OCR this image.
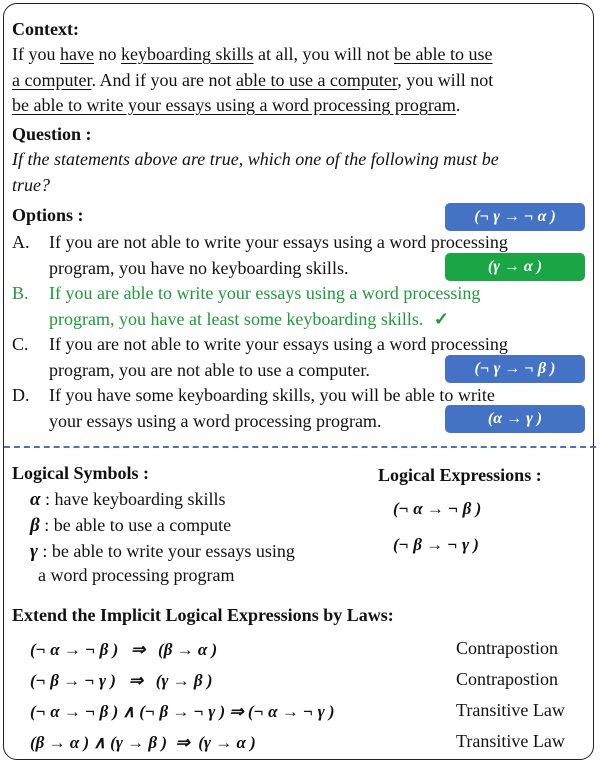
Context:
If you have no keyboarding skills at all, you will not be able to use
a computer. And if you are not able to use a computer, you will not
be able to write your essays using a word processing program.
Question :
If the statements above are true, which one of the following must be
true?
Options :
A. If you are not able to write your essays using a word processing
program, you have no keyboarding skills.
(¬ γ → ¬ α )
B. If you are able to write your essays using a word processing
program, you have at least some keyboarding skills. ✓
(γ → α )
C. If you are not able to write your essays using a word processing
program, you are not able to use a computer.	(¬ γ → ¬ β )
D. If you have some keyboarding skills, you will be able to write
your essays using a word processing program.	(α → γ )
Logical Symbols :
α : have keyboarding skills
β : be able to use a compute
γ : be able to write your essays using
a word processing program
Logical Expressions :
(¬ α → ¬ β )
(¬ β → ¬ γ )
Extend the Implicit Logical Expressions by Laws:
(¬ α → ¬ β )   ⇒   (β → α )	Contrapostion
(¬ β → ¬ γ )   ⇒   (γ → β )	Contrapostion
(¬ α → ¬ β ) ∧ (¬ β → ¬ γ ) ⇒ (¬ α → ¬ γ )	Transitive Law
(β → α ) ∧ (γ → β )  ⇒  (γ → α )	Transitive Law
